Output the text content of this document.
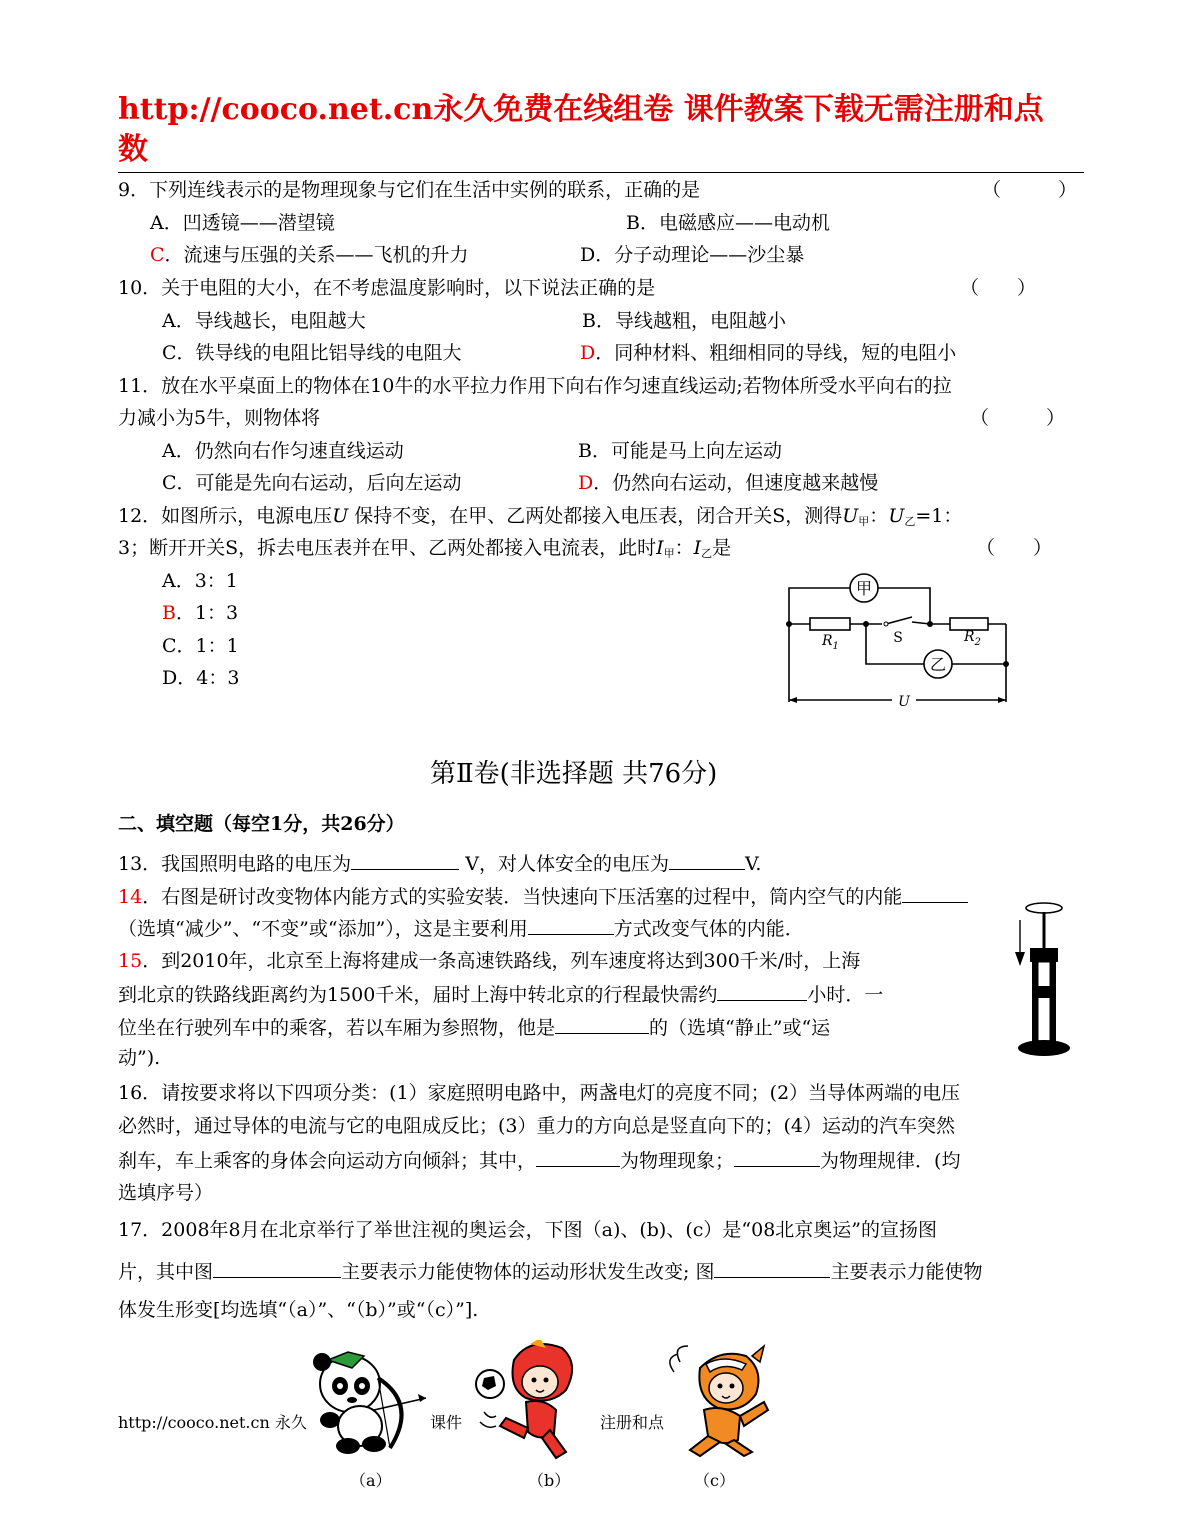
http://cooco.net.cn永久免费在线组卷 课件教案下载无需注册和点
数
9．下列连线表示的是物理现象与它们在生活中实例的联系，正确的是	（　　　）
A．凹透镜——潜望镜	B．电磁感应——电动机
C．流速与压强的关系——飞机的升力	D．分子动理论——沙尘暴
10．关于电阻的大小，在不考虑温度影响时，以下说法正确的是	（　　）
A．导线越长，电阻越大	B．导线越粗，电阻越小
C．铁导线的电阻比铝导线的电阻大	D．同种材料、粗细相同的导线，短的电阻小
11．放在水平桌面上的物体在10牛的水平拉力作用下向右作匀速直线运动;若物体所受水平向右的拉
力减小为5牛，则物体将	（　　　）
A．仍然向右作匀速直线运动	B．可能是马上向左运动
C．可能是先向右运动，后向左运动	D．仍然向右运动，但速度越来越慢
12．如图所示，电源电压U 保持不变，在甲、乙两处都接入电压表，闭合开关S，测得$U_甲$：$U_乙=1$：
3；断开开关S，拆去电压表并在甲、乙两处都接入电流表，此时$I_甲$：$I_乙$是	（　　）
A．3：1
B．1：3
C．1：1
D．4：3
甲
乙
$R_1$
$R_2$
S
U
第Ⅱ卷(非选择题 共76分)
二、填空题（每空1分，共26分）
13．我国照明电路的电压为	V，对人体安全的电压为	V.
14．右图是研讨改变物体内能方式的实验安装．当快速向下压活塞的过程中，筒内空气的内能
（选填“减少”、“不变”或“添加”），这是主要利用	方式改变气体的内能．
15．到2010年，北京至上海将建成一条高速铁路线，列车速度将达到300千米/时，上海
到北京的铁路线距离约为1500千米，届时上海中转北京的行程最快需约	小时．一
位坐在行驶列车中的乘客，若以车厢为参照物，他是	的（选填“静止”或“运
动”).
16．请按要求将以下四项分类：(1）家庭照明电路中，两盏电灯的亮度不同；(2）当导体两端的电压
必然时，通过导体的电流与它的电阻成反比；(3）重力的方向总是竖直向下的；(4）运动的汽车突然
刹车，车上乘客的身体会向运动方向倾斜；其中，	为物理现象；	为物理规律．(均
选填序号）
17．2008年8月在北京举行了举世注视的奥运会，下图（a)、(b)、(c）是“08北京奥运”的宣扬图
片，其中图	主要表示力能使物体的运动形状发生改变; 图	主要表示力能使物
体发生形变[均选填“（a）”、“（b）”或“（c）”].
http://cooco.net.cn 永久	课件	注册和点
（a）	（b）	（c）
